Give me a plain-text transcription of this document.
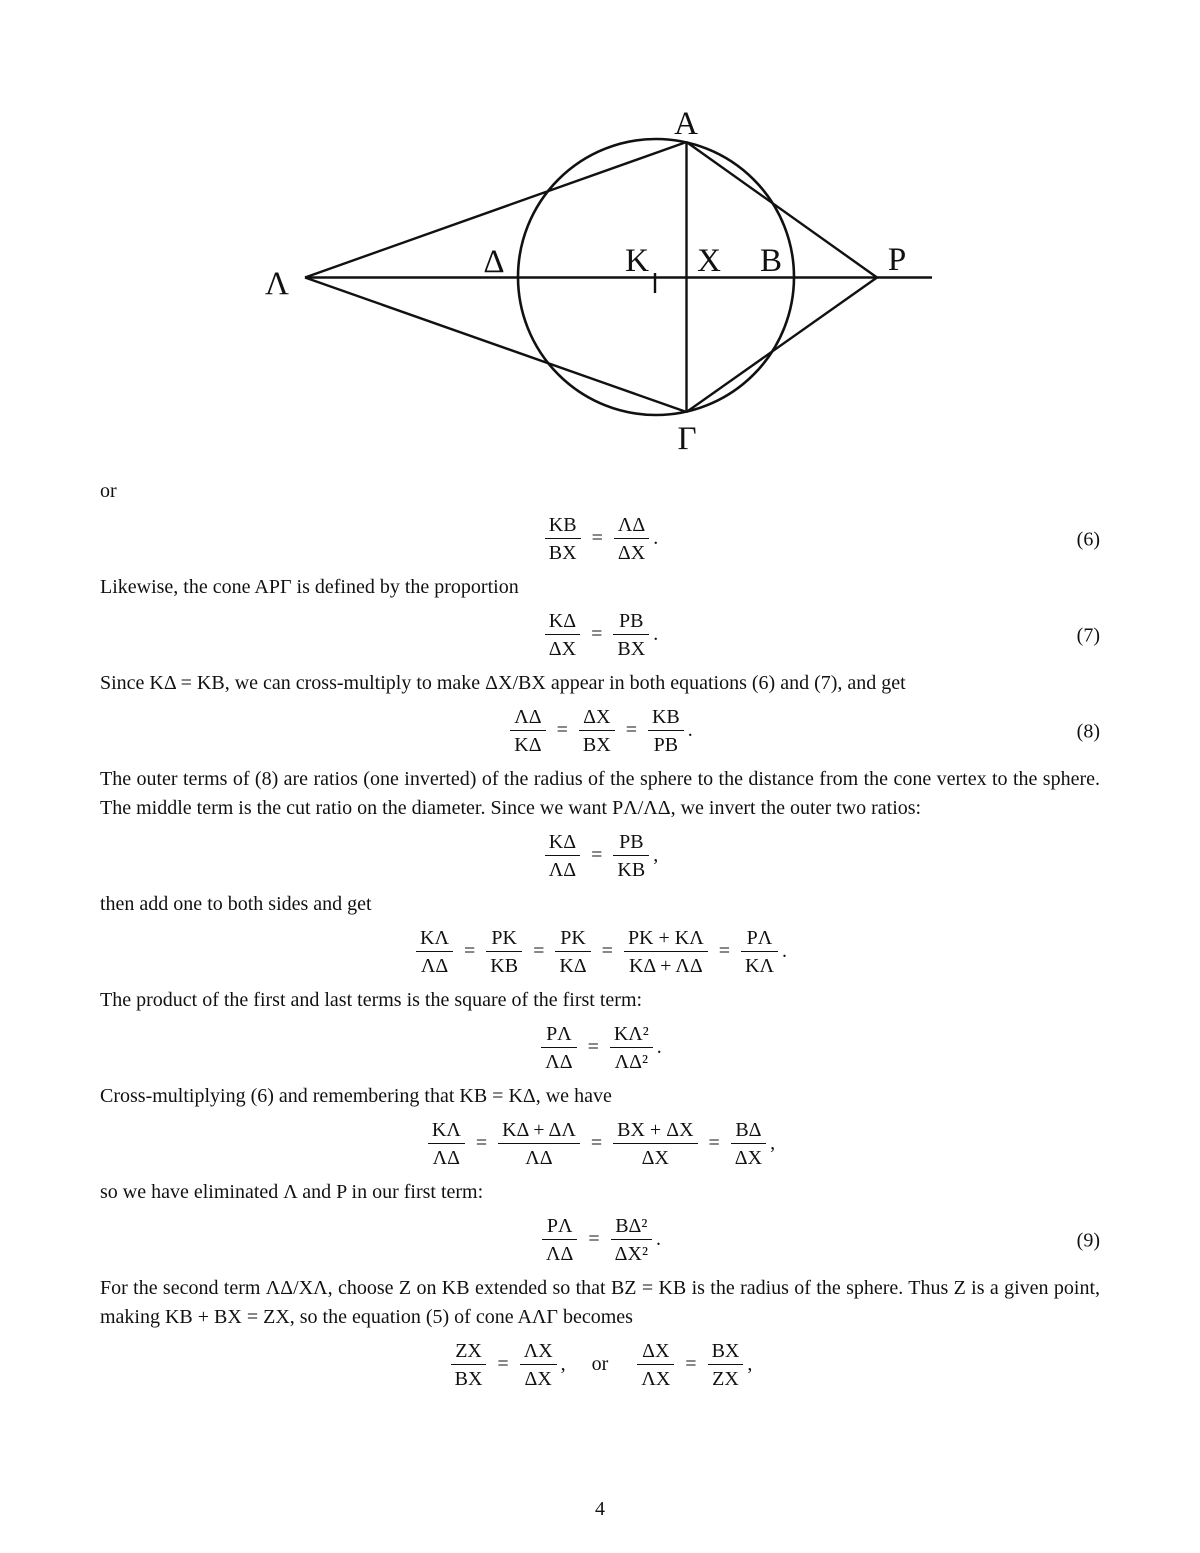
A
Γ
Λ
Δ	K X B	P

or

$\frac{KB}{BX} = \frac{\Lambda\Delta}{\Delta X}$ .	(6)

Likewise, the cone APΓ is defined by the proportion

$\frac{K\Delta}{\Delta X} = \frac{PB}{BX}$ .	(7)

Since KΔ = KB, we can cross-multiply to make ΔX/BX appear in both equations (6) and (7), and get

$\frac{\Lambda\Delta}{K\Delta} = \frac{\Delta X}{BX} = \frac{KB}{PB}$ .	(8)

The outer terms of (8) are ratios (one inverted) of the radius of the sphere to the distance from the cone vertex to the sphere. The middle term is the cut ratio on the diameter. Since we want PΛ/ΛΔ, we invert the outer two ratios:

$\frac{K\Delta}{\Lambda\Delta} = \frac{PB}{KB}$ ,

then add one to both sides and get

$\frac{K\Lambda}{\Lambda\Delta} = \frac{PK}{KB} = \frac{PK}{K\Delta} = \frac{PK + K\Lambda}{K\Delta + \Lambda\Delta} = \frac{P\Lambda}{K\Lambda}$ .

The product of the first and last terms is the square of the first term:

$\frac{P\Lambda}{\Lambda\Delta} = \frac{\text{KΛ²}}{\text{ΛΔ²}}$ .

Cross-multiplying (6) and remembering that KB = KΔ, we have

$\frac{K\Lambda}{\Lambda\Delta} = \frac{K\Delta + \Delta\Lambda}{\Lambda\Delta} = \frac{BX + \Delta X}{\Delta X} = \frac{B\Delta}{\Delta X}$ ,

so we have eliminated Λ and P in our first term:

$\frac{P\Lambda}{\Lambda\Delta} = \frac{\text{BΔ²}}{\text{ΔX²}}$ .	(9)

For the second term ΛΔ/XΛ, choose Z on KB extended so that BZ = KB is the radius of the sphere. Thus Z is a given point, making KB + BX = ZX, so the equation (5) of cone AΛΓ becomes

$\frac{ZX}{BX} = \frac{\Lambda X}{\Delta X}$ , or $\frac{\Delta X}{\Lambda X} = \frac{BX}{ZX}$ ,
4
